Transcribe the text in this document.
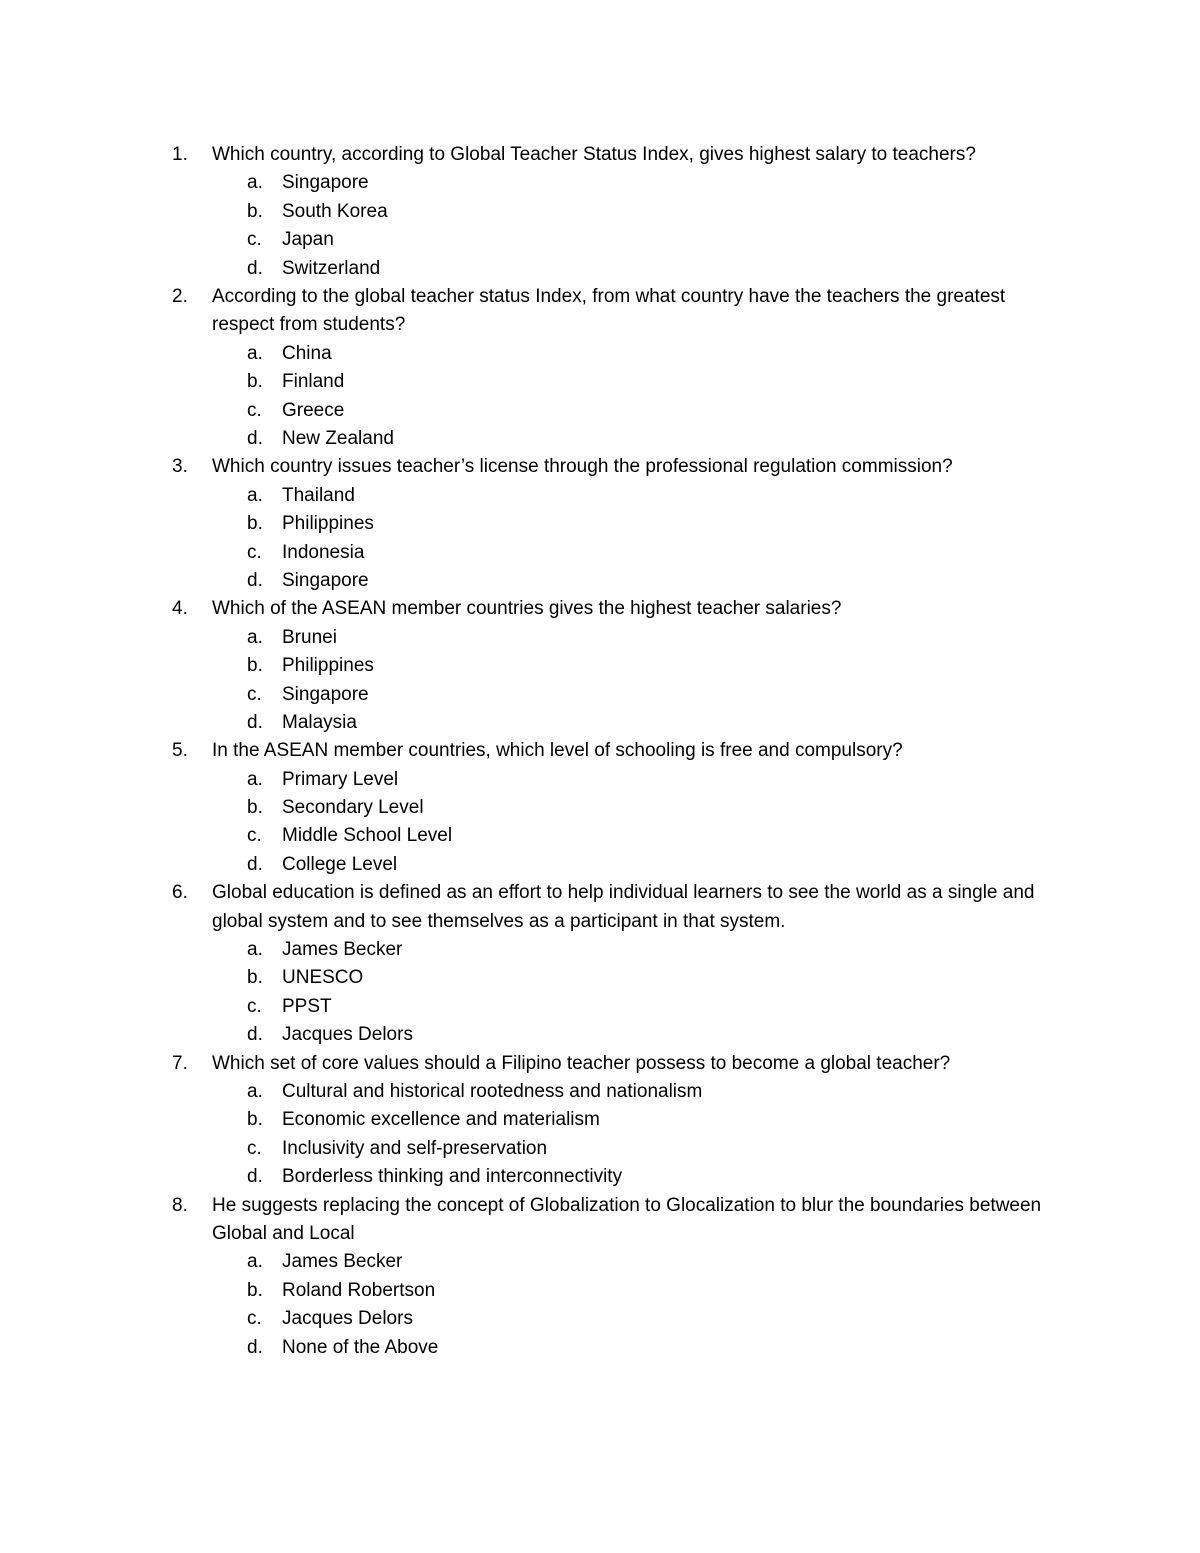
1.	Which country, according to Global Teacher Status Index, gives highest salary to teachers?
a. Singapore
b. South Korea
c. Japan
d. Switzerland
2.	According to the global teacher status Index, from what country have the teachers the greatest respect from students?
a. China
b. Finland
c. Greece
d. New Zealand
3.	Which country issues teacher’s license through the professional regulation commission?
a. Thailand
b. Philippines
c. Indonesia
d. Singapore
4.	Which of the ASEAN member countries gives the highest teacher salaries?
a. Brunei
b. Philippines
c. Singapore
d. Malaysia
5.	In the ASEAN member countries, which level of schooling is free and compulsory?
a. Primary Level
b. Secondary Level
c. Middle School Level
d. College Level
6.	Global education is defined as an effort to help individual learners to see the world as a single and global system and to see themselves as a participant in that system.
a. James Becker
b. UNESCO
c. PPST
d. Jacques Delors
7.	Which set of core values should a Filipino teacher possess to become a global teacher?
a. Cultural and historical rootedness and nationalism
b. Economic excellence and materialism
c. Inclusivity and self-preservation
d. Borderless thinking and interconnectivity
8.	He suggests replacing the concept of Globalization to Glocalization to blur the boundaries between Global and Local
a. James Becker
b. Roland Robertson
c. Jacques Delors
d. None of the Above
